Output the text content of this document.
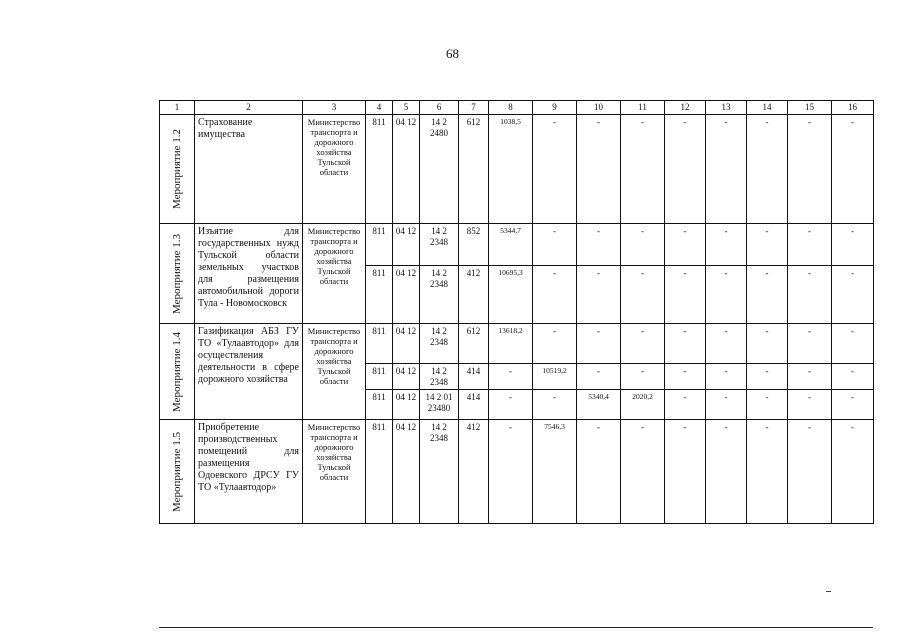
68
1	2	3	4	5	6	7	8	9	10	11	12	13	14	15	16

Мероприятие 1.2	Страхование имущества	Министерство транспорта и дорожного хозяйства Тульской области	811	04 12	14 2 2480	612	1038,5	-	-	-	-	-	-	-	-

Мероприятие 1.3	Изъятие для государственных нужд Тульской области земельных участков для размещения автомобильной дороги Тула - Новомосковск	Министерство транспорта и дорожного хозяйства Тульской области	811	04 12	14 2 2348	852	5344,7	-	-	-	-	-	-	-	-
			811	04 12	14 2 2348	412	10695,3	-	-	-	-	-	-	-	-

Мероприятие 1.4	Газификация АБЗ ГУ ТО «Тулаавтодор» для осуществления деятельности в сфере дорожного хозяйства	Министерство транспорта и дорожного хозяйства Тульской области	811	04 12	14 2 2348	612	13618,2	-	-	-	-	-	-	-	-
			811	04 12	14 2 2348	414	-	10519,2	-	-	-	-	-	-	-
			811	04 12	14 2 01 23480	414	-	-	5340,4	2020,2	-	-	-	-	-

Мероприятие 1.5	Приобретение производственных помещений для размещения Одоевского ДРСУ ГУ ТО «Тулаавтодор»	Министерство транспорта и дорожного хозяйства Тульской области	811	04 12	14 2 2348	412	-	7546,3	-	-	-	-	-	-	-
